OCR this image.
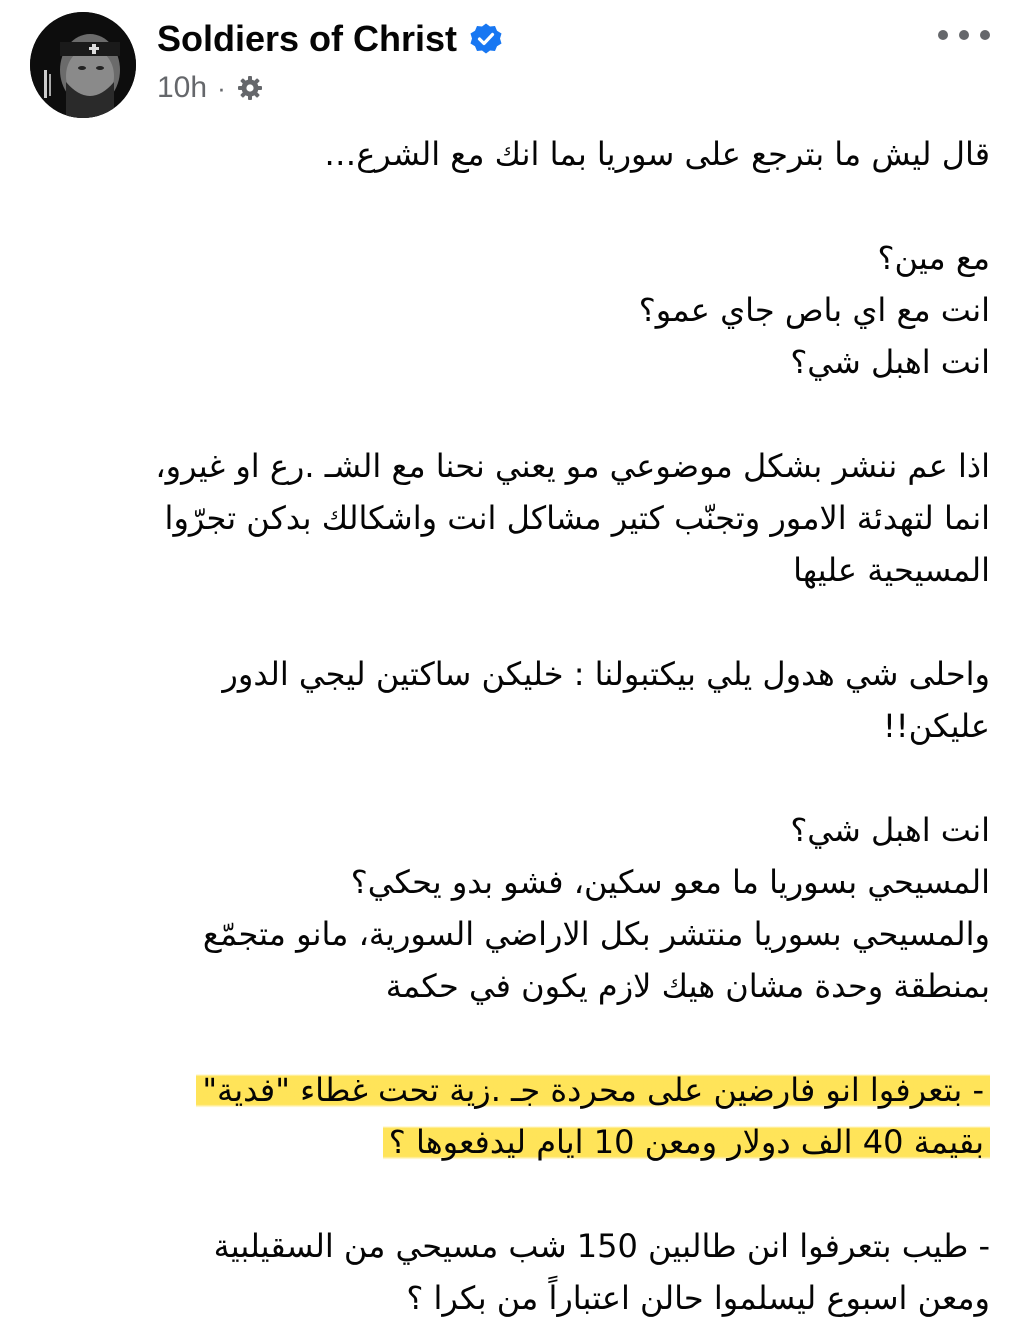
Soldiers of Christ
10h ·
قال ليش ما بترجع على سوريا بما انك مع الشرع…
مع مين؟
انت مع اي باص جاي عمو؟
انت اهبل شي؟
اذا عم ننشر بشكل موضوعي مو يعني نحنا مع الشـ .رع او غيرو،
انما لتهدئة الامور وتجنّب كتير مشاكل انت واشكالك بدكن تجرّوا
المسيحية عليها
واحلى شي هدول يلي بيكتبولنا : خليكن ساكتين ليجي الدور
عليكن!!
انت اهبل شي؟
المسيحي بسوريا ما معو سكين، فشو بدو يحكي؟
والمسيحي بسوريا منتشر بكل الاراضي السورية، مانو متجمّع
بمنطقة وحدة مشان هيك لازم يكون في حكمة
- بتعرفوا انو فارضين على محردة جـ .زية تحت غطاء "فدية"
بقيمة 40 الف دولار ومعن 10 ايام ليدفعوها ؟
- طيب بتعرفوا انن طالبين 150 شب مسيحي من السقيلبية
ومعن اسبوع ليسلموا حالن اعتباراً من بكرا ؟
